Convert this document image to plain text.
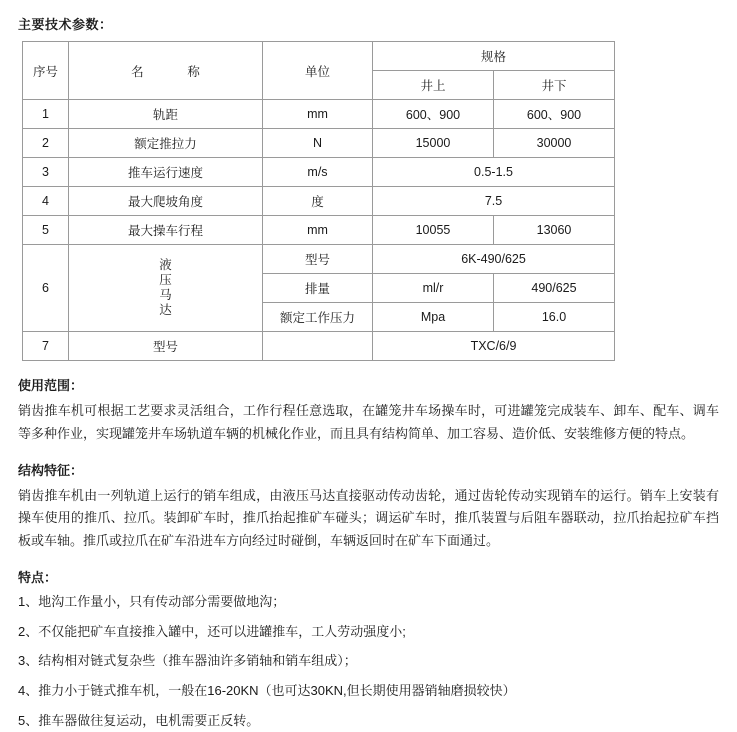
主要技术参数：
序号	名　　称	单位	规格	
			井上	井下
1	轨距	mm	600、900	600、900
2	额定推拉力	N	15000	30000
3	推车运行速度	m/s	0.5-1.5	
4	最大爬坡角度	度	7.5	
5	最大操车行程	mm	10055	13060
6	液压马达	型号	6K-490/625	
		排量	ml/r	490/625
		额定工作压力	Mpa	16.0
7	型号		TXC/6/9	
使用范围：
销齿推车机可根据工艺要求灵活组合，工作行程任意选取，在罐笼井车场操车时，可进罐笼完成装车、卸车、配车、调车等多种作业，实现罐笼井车场轨道车辆的机械化作业，而且具有结构简单、加工容易、造价低、安装维修方便的特点。
结构特征：
销齿推车机由一列轨道上运行的销车组成，由液压马达直接驱动传动齿轮，通过齿轮传动实现销车的运行。销车上安装有操车使用的推爪、拉爪。装卸矿车时，推爪抬起推矿车碰头；调运矿车时，推爪装置与后阻车器联动，拉爪抬起拉矿车挡板或车轴。推爪或拉爪在矿车沿进车方向经过时碰倒，车辆返回时在矿车下面通过。
特点：
1、地沟工作量小，只有传动部分需要做地沟；
2、不仅能把矿车直接推入罐中，还可以进罐推车，工人劳动强度小;
3、结构相对链式复杂些（推车器油许多销轴和销车组成）；
4、推力小于链式推车机，一般在16-20KN（也可达30KN,但长期使用器销轴磨损较快）
5、推车器做往复运动，电机需要正反转。
